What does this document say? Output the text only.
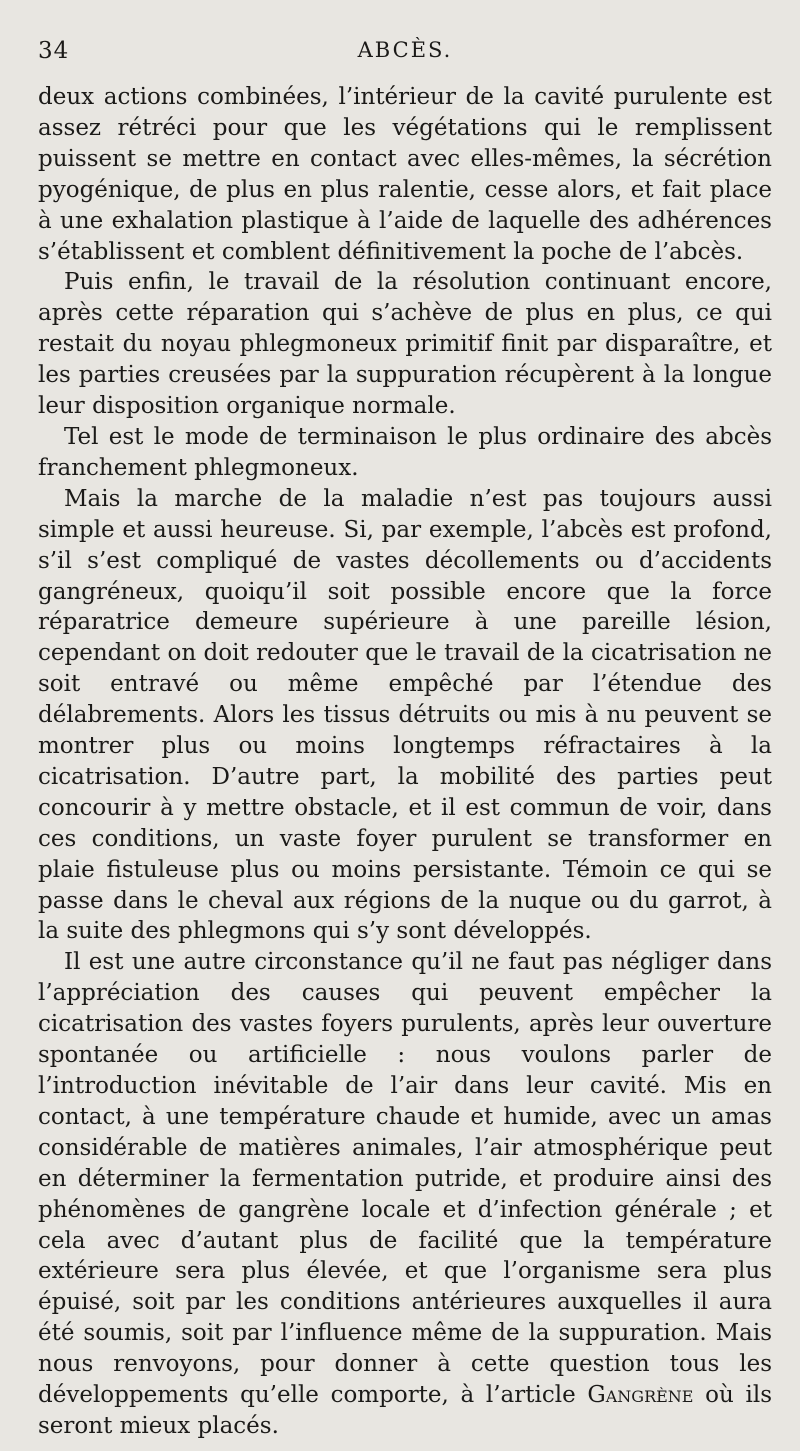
34	ABCÈS.

deux actions combinées, l’intérieur de la cavité purulente est assez rétréci pour que les végétations qui le remplissent puissent se mettre en contact avec elles-mêmes, la sécrétion pyogénique, de plus en plus ralentie, cesse alors, et fait place à une exhalation plastique à l’aide de laquelle des adhérences s’établissent et comblent définitivement la poche de l’abcès.

Puis enfin, le travail de la résolution continuant encore, après cette réparation qui s’achève de plus en plus, ce qui restait du noyau phlegmoneux primitif finit par disparaître, et les parties creusées par la suppuration récupèrent à la longue leur disposition organique normale.

Tel est le mode de terminaison le plus ordinaire des abcès franchement phlegmoneux.

Mais la marche de la maladie n’est pas toujours aussi simple et aussi heureuse. Si, par exemple, l’abcès est profond, s’il s’est compliqué de vastes décollements ou d’accidents gangréneux, quoiqu’il soit possible encore que la force réparatrice demeure supérieure à une pareille lésion, cependant on doit redouter que le travail de la cicatrisation ne soit entravé ou même empêché par l’étendue des délabrements. Alors les tissus détruits ou mis à nu peuvent se montrer plus ou moins longtemps réfractaires à la cicatrisation. D’autre part, la mobilité des parties peut concourir à y mettre obstacle, et il est commun de voir, dans ces conditions, un vaste foyer purulent se transformer en plaie fistuleuse plus ou moins persistante. Témoin ce qui se passe dans le cheval aux régions de la nuque ou du garrot, à la suite des phlegmons qui s’y sont développés.

Il est une autre circonstance qu’il ne faut pas négliger dans l’appréciation des causes qui peuvent empêcher la cicatrisation des vastes foyers purulents, après leur ouverture spontanée ou artificielle : nous voulons parler de l’introduction inévitable de l’air dans leur cavité. Mis en contact, à une température chaude et humide, avec un amas considérable de matières animales, l’air atmosphérique peut en déterminer la fermentation putride, et produire ainsi des phénomènes de gangrène locale et d’infection générale ; et cela avec d’autant plus de facilité que la température extérieure sera plus élevée, et que l’organisme sera plus épuisé, soit par les conditions antérieures auxquelles il aura été soumis, soit par l’influence même de la suppuration. Mais nous renvoyons, pour donner à cette question tous les développements qu’elle comporte, à l’article Gangrène où ils seront mieux placés.
